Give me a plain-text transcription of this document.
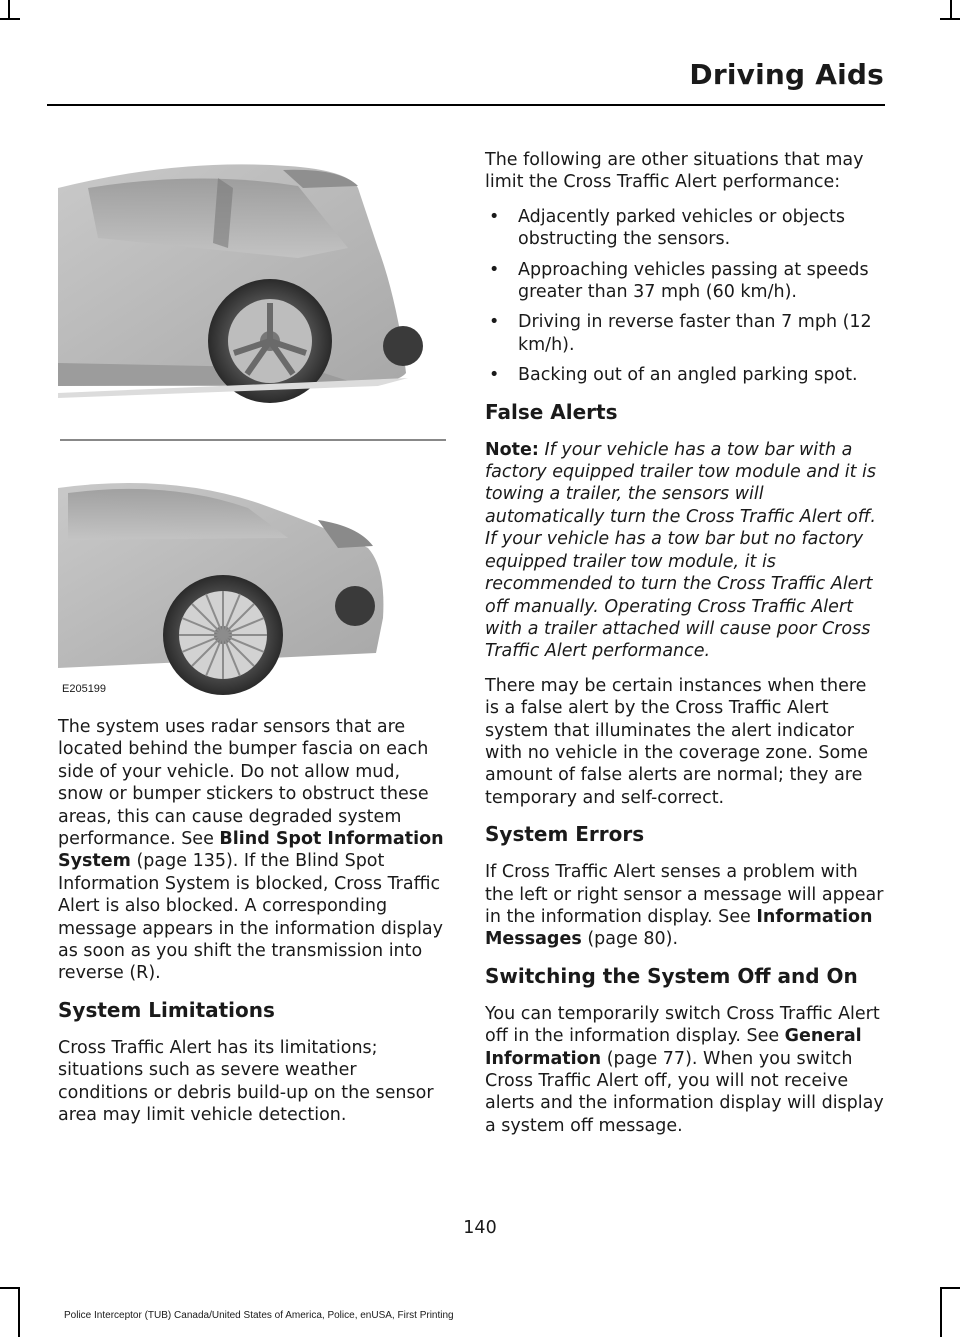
Driving Aids
E205199

The system uses radar sensors that are located behind the bumper fascia on each side of your vehicle. Do not allow mud, snow or bumper stickers to obstruct these areas, this can cause degraded system performance. See Blind Spot Information System (page 135). If the Blind Spot Information System is blocked, Cross Traffic Alert is also blocked. A corresponding message appears in the information display as soon as you shift the transmission into reverse (R).

System Limitations

Cross Traffic Alert has its limitations; situations such as severe weather conditions or debris build-up on the sensor area may limit vehicle detection.

The following are other situations that may limit the Cross Traffic Alert performance:

• Adjacently parked vehicles or objects obstructing the sensors.
• Approaching vehicles passing at speeds greater than 37 mph (60 km/h).
• Driving in reverse faster than 7 mph (12 km/h).
• Backing out of an angled parking spot.
False Alerts

Note: If your vehicle has a tow bar with a factory equipped trailer tow module and it is towing a trailer, the sensors will automatically turn the Cross Traffic Alert off. If your vehicle has a tow bar but no factory equipped trailer tow module, it is recommended to turn the Cross Traffic Alert off manually. Operating Cross Traffic Alert with a trailer attached will cause poor Cross Traffic Alert performance.

There may be certain instances when there is a false alert by the Cross Traffic Alert system that illuminates the alert indicator with no vehicle in the coverage zone. Some amount of false alerts are normal; they are temporary and self-correct.

System Errors

If Cross Traffic Alert senses a problem with the left or right sensor a message will appear in the information display. See Information Messages (page 80).

Switching the System Off and On

You can temporarily switch Cross Traffic Alert off in the information display. See General Information (page 77). When you switch Cross Traffic Alert off, you will not receive alerts and the information display will display a system off message.

140
Police Interceptor (TUB) Canada/United States of America, Police, enUSA, First Printing
